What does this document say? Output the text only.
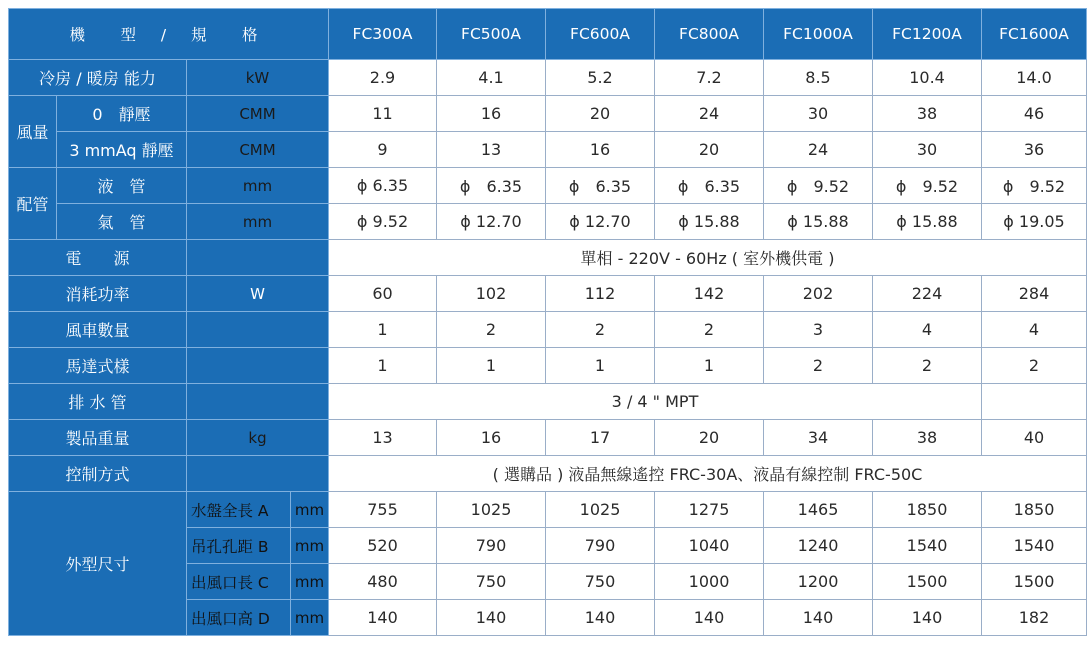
機　型 / 規　格				FC300A	FC500A	FC600A	FC800A	FC1000A	FC1200A	FC1600A
冷房 / 暖房 能力		kW		2.9	4.1	5.2	7.2	8.5	10.4	14.0
風量	0　靜壓	CMM		11	16	20	24	30	38	46
	3 mmAq 靜壓	CMM		9	13	16	20	24	30	36
配管	液　管	mm		ϕ 6.35	ϕ　6.35	ϕ　6.35	ϕ　6.35	ϕ　9.52	ϕ　9.52	ϕ　9.52
	氣　管	mm		ϕ 9.52	ϕ 12.70	ϕ 12.70	ϕ 15.88	ϕ 15.88	ϕ 15.88	ϕ 19.05
電　　源				單相 - 220V - 60Hz ( 室外機供電 )						
消耗功率		W		60	102	112	142	202	224	284
風車數量				1	2	2	2	3	4	4
馬達式樣				1	1	1	1	2	2	2
排 水 管				3 / 4 " MPT						
製品重量		kg		13	16	17	20	34	38	40
控制方式				( 選購品 ) 液晶無線遙控 FRC-30A、液晶有線控制 FRC-50C						
外型尺寸		水盤全長 A	mm	755	1025	1025	1275	1465	1850	1850
		吊孔孔距 B	mm	520	790	790	1040	1240	1540	1540
		出風口長 C	mm	480	750	750	1000	1200	1500	1500
		出風口高 D	mm	140	140	140	140	140	140	182
